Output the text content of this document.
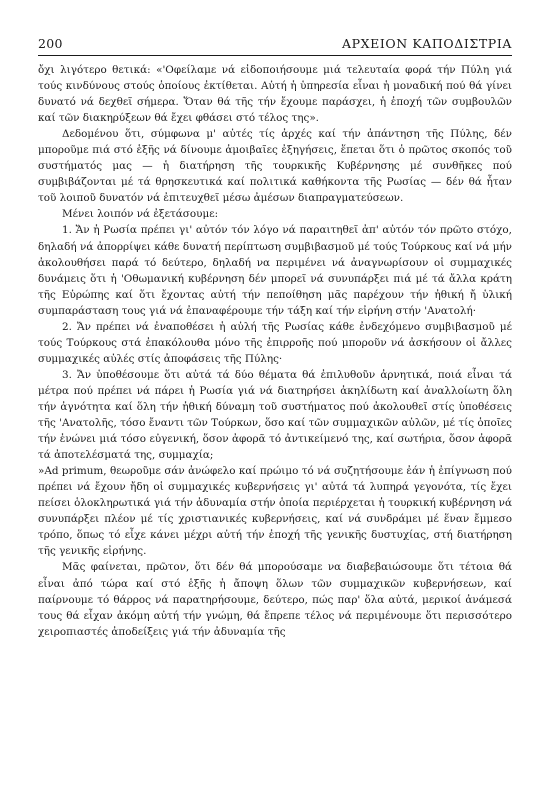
200	ΑΡΧΕΙΟΝ ΚΑΠΟΔΙΣΤΡΙΑ

ὄχι λιγότερο θετικά: «'Οφείλαμε νά εἰδοποιήσουμε μιά τελευταία φορά τήν Πύλη γιά τούς κινδύνους στούς ὁποίους ἐκτίθεται. Αὐτή ἡ ὑπηρεσία εἶναι ἡ μοναδική πού θά γίνει δυνατό νά δεχθεῖ σήμερα. Ὅταν θά τῆς τήν ἔχουμε παράσχει, ἡ ἐποχή τῶν συμβουλῶν καί τῶν διακηρύξεων θά ἔχει φθάσει στό τέλος της».

Δεδομένου ὅτι, σύμφωνα μ' αὐτές τίς ἀρχές καί τήν ἀπάντηση τῆς Πύλης, δέν μποροῦμε πιά στό ἑξῆς νά δίνουμε ἀμοιβαῖες ἐξηγήσεις, ἕπεται ὅτι ὁ πρῶτος σκοπός τοῦ συστήματός μας — ἡ διατήρηση τῆς τουρκικῆς Κυβέρνησης μέ συνθῆκες πού συμβιβάζονται μέ τά θρησκευτικά καί πολιτικά καθήκοντα τῆς Ρωσίας — δέν θά ἦταν τοῦ λοιποῦ δυνατόν νά ἐπιτευχθεῖ μέσω ἀμέσων διαπραγματεύσεων.

Μένει λοιπόν νά ἐξετάσουμε:

1. Ἄν ἡ Ρωσία πρέπει γι' αὐτόν τόν λόγο νά παραιτηθεῖ ἀπ' αὐτόν τόν πρῶτο στόχο, δηλαδή νά ἀπορρίψει κάθε δυνατή περίπτωση συμβιβασμοῦ μέ τούς Τούρκους καί νά μήν ἀκολουθήσει παρά τό δεύτερο, δηλαδή να περιμένει νά ἀναγνωρίσουν οἱ συμμαχικές δυνάμεις ὅτι ἡ 'Οθωμανική κυβέρνηση δέν μπορεῖ νά συνυπάρξει πιά μέ τά ἄλλα κράτη τῆς Εὐρώπης καί ὅτι ἔχοντας αὐτή τήν πεποίθηση μᾶς παρέχουν τήν ἠθική ἤ ὑλική συμπαράσταση τους γιά νά ἐπαναφέρουμε τήν τάξη καί τήν εἰρήνη στήν 'Ανατολή·

2. Ἄν πρέπει νά ἐναποθέσει ἡ αὐλή τῆς Ρωσίας κάθε ἐνδεχόμενο συμβιβασμοῦ μέ τούς Τούρκους στά ἐπακόλουθα μόνο τῆς ἐπιρροῆς πού μποροῦν νά ἀσκήσουν οἱ ἄλλες συμμαχικές αὐλές στίς ἀποφάσεις τῆς Πύλης·

3. Ἄν ὑποθέσουμε ὅτι αὐτά τά δύο θέματα θά ἐπιλυθοῦν ἀρνητικά, ποιά εἶναι τά μέτρα πού πρέπει νά πάρει ἡ Ρωσία γιά νά διατηρήσει ἀκηλίδωτη καί ἀναλλοίωτη ὅλη τήν ἀγνότητα καί ὅλη τήν ἠθική δύναμη τοῦ συστήματος πού ἀκολουθεῖ στίς ὑποθέσεις τῆς 'Ανατολῆς, τόσο ἔναντι τῶν Τούρκων, ὅσο καί τῶν συμμαχικῶν αὐλῶν, μέ τίς ὁποῖες τήν ἑνώνει μιά τόσο εὐγενική, ὅσον ἀφορᾶ τό ἀντικείμενό της, καί σωτήρια, ὅσον ἀφορᾶ τά ἀποτελέσματά της, συμμαχία;

»Ad primum, θεωροῦμε σάν ἀνώφελο καί πρώιμο τό νά συζητήσουμε ἐάν ἡ ἐπίγνωση πού πρέπει νά ἔχουν ἤδη οἱ συμμαχικές κυβερνήσεις γι' αὐτά τά λυπηρά γεγονότα, τίς ἔχει πείσει ὁλοκληρωτικά γιά τήν ἀδυναμία στήν ὁποία περιέρχεται ἡ τουρκική κυβέρνηση νά συνυπάρξει πλέον μέ τίς χριστιανικές κυβερνήσεις, καί νά συνδράμει μέ ἕναν ἔμμεσο τρόπο, ὅπως τό εἶχε κάνει μέχρι αὐτή τήν ἐποχή τῆς γενικῆς δυστυχίας, στή διατήρηση τῆς γενικῆς εἰρήνης.

Μᾶς φαίνεται, πρῶτον, ὅτι δέν θά μπορούσαμε να διαβεβαιώσουμε ὅτι τέτοια θά εἶναι ἀπό τώρα καί στό ἑξῆς ἡ ἄποψη ὅλων τῶν συμμαχικῶν κυβερνήσεων, καί παίρνουμε τό θάρρος νά παρατηρήσουμε, δεύτερο, πώς παρ' ὅλα αὐτά, μερικοί ἀνάμεσά τους θά εἶχαν ἀκόμη αὐτή τήν γνώμη, θά ἔπρεπε τέλος νά περιμένουμε ὅτι περισσότερο χειροπιαστές ἀποδείξεις γιά τήν ἀδυναμία τῆς
